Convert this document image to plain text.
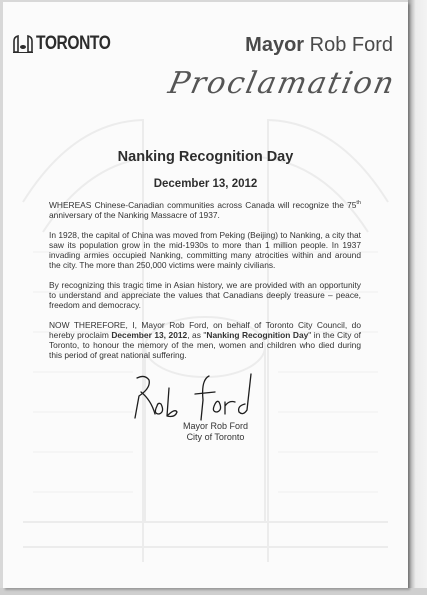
TORONTO	Mayor Rob Ford
Proclamation
Nanking Recognition Day
December 13, 2012

WHEREAS Chinese-Canadian communities across Canada will recognize the 75th anniversary of the Nanking Massacre of 1937.

In 1928, the capital of China was moved from Peking (Beijing) to Nanking, a city that saw its population grow in the mid-1930s to more than 1 million people. In 1937 invading armies occupied Nanking, committing many atrocities within and around the city. The more than 250,000 victims were mainly civilians.

By recognizing this tragic time in Asian history, we are provided with an opportunity to understand and appreciate the values that Canadians deeply treasure – peace, freedom and democracy.

NOW THEREFORE, I, Mayor Rob Ford, on behalf of Toronto City Council, do hereby proclaim December 13, 2012, as "Nanking Recognition Day" in the City of Toronto, to honour the memory of the men, women and children who died during this period of great national suffering.

Mayor Rob Ford
City of Toronto
